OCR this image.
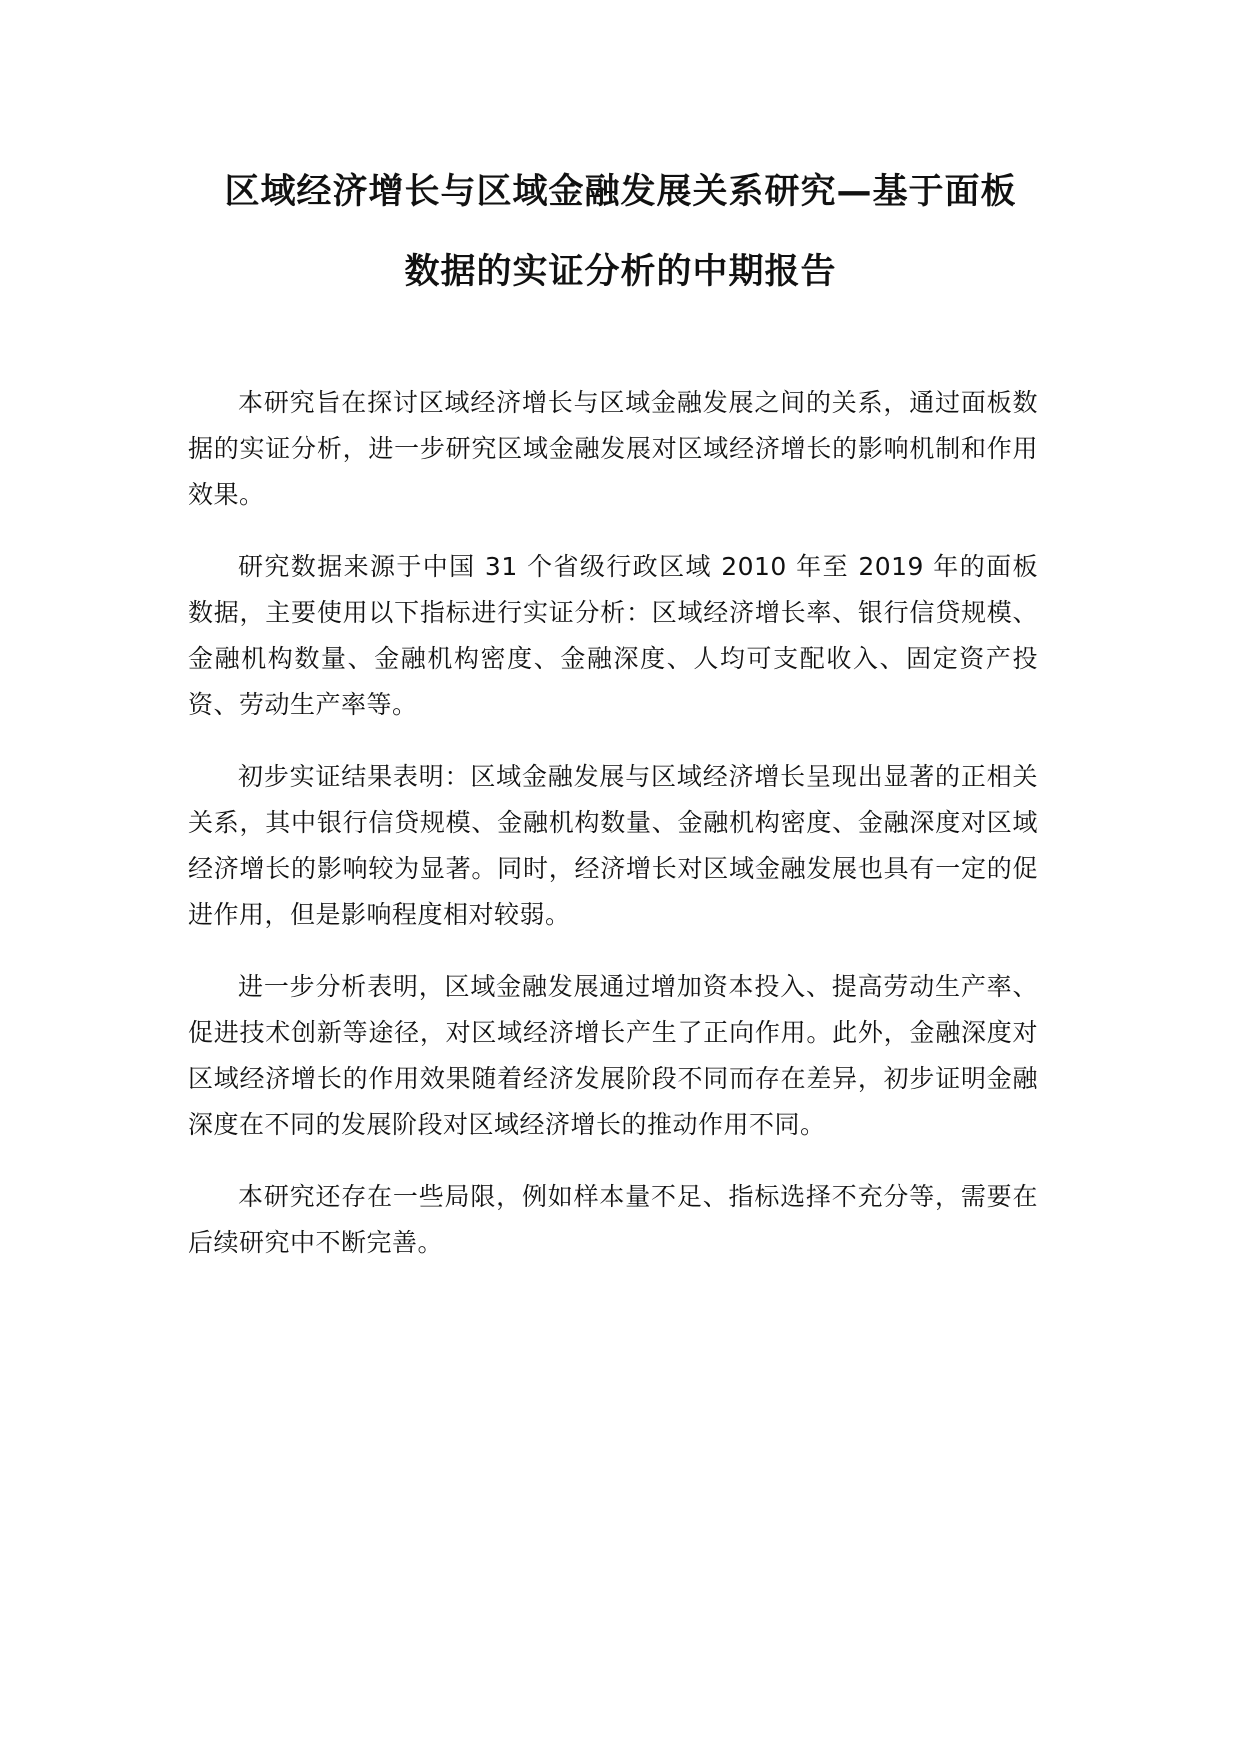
区域经济增长与区域金融发展关系研究—基于面板
数据的实证分析的中期报告

本研究旨在探讨区域经济增长与区域金融发展之间的关系，通过面板数据的实证分析，进一步研究区域金融发展对区域经济增长的影响机制和作用效果。

研究数据来源于中国 31 个省级行政区域 2010 年至 2019 年的面板数据，主要使用以下指标进行实证分析：区域经济增长率、银行信贷规模、金融机构数量、金融机构密度、金融深度、人均可支配收入、固定资产投资、劳动生产率等。

初步实证结果表明：区域金融发展与区域经济增长呈现出显著的正相关关系，其中银行信贷规模、金融机构数量、金融机构密度、金融深度对区域经济增长的影响较为显著。同时，经济增长对区域金融发展也具有一定的促进作用，但是影响程度相对较弱。

进一步分析表明，区域金融发展通过增加资本投入、提高劳动生产率、促进技术创新等途径，对区域经济增长产生了正向作用。此外，金融深度对区域经济增长的作用效果随着经济发展阶段不同而存在差异，初步证明金融深度在不同的发展阶段对区域经济增长的推动作用不同。

本研究还存在一些局限，例如样本量不足、指标选择不充分等，需要在后续研究中不断完善。
